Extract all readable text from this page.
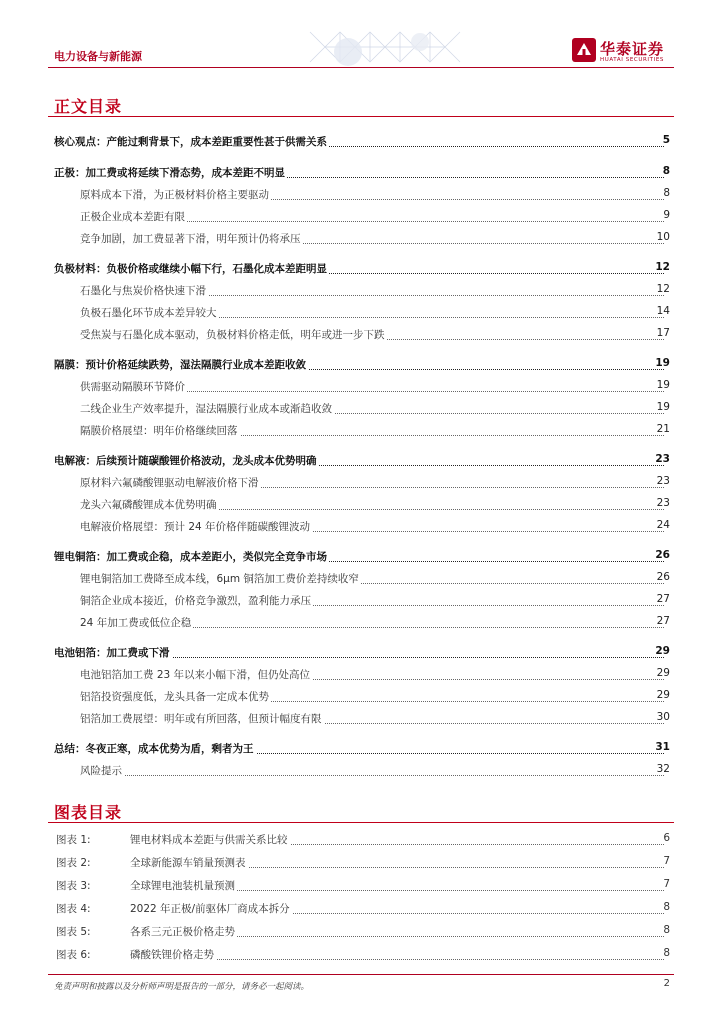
电力设备与新能源	华泰证券
HUATAI SECURITIES
正文目录
核心观点：产能过剩背景下，成本差距重要性甚于供需关系	5
正极：加工费或将延续下滑态势，成本差距不明显	8
原料成本下滑，为正极材料价格主要驱动	8
正极企业成本差距有限	9
竞争加剧，加工费显著下滑，明年预计仍将承压	10
负极材料：负极价格或继续小幅下行，石墨化成本差距明显	12
石墨化与焦炭价格快速下滑	12
负极石墨化环节成本差异较大	14
受焦炭与石墨化成本驱动，负极材料价格走低，明年或进一步下跌	17
隔膜：预计价格延续跌势，湿法隔膜行业成本差距收敛	19
供需驱动隔膜环节降价	19
二线企业生产效率提升，湿法隔膜行业成本或渐趋收敛	19
隔膜价格展望：明年价格继续回落	21
电解液：后续预计随碳酸锂价格波动，龙头成本优势明确	23
原材料六氟磷酸锂驱动电解液价格下滑	23
龙头六氟磷酸锂成本优势明确	23
电解液价格展望：预计 24 年价格伴随碳酸锂波动	24
锂电铜箔：加工费或企稳，成本差距小，类似完全竞争市场	26
锂电铜箔加工费降至成本线，6μm 铜箔加工费价差持续收窄	26
铜箔企业成本接近，价格竞争激烈，盈利能力承压	27
24 年加工费或低位企稳	27
电池铝箔：加工费或下滑	29
电池铝箔加工费 23 年以来小幅下滑，但仍处高位	29
铝箔投资强度低，龙头具备一定成本优势	29
铝箔加工费展望：明年或有所回落，但预计幅度有限	30
总结：冬夜正寒，成本优势为盾，剩者为王	31
风险提示	32
图表目录
图表 1:	锂电材料成本差距与供需关系比较	6
图表 2:	全球新能源车销量预测表	7
图表 3:	全球锂电池装机量预测	7
图表 4:	2022 年正极/前驱体厂商成本拆分	8
图表 5:	各系三元正极价格走势	8
图表 6:	磷酸铁锂价格走势	8
免责声明和披露以及分析师声明是报告的一部分，请务必一起阅读。	2
